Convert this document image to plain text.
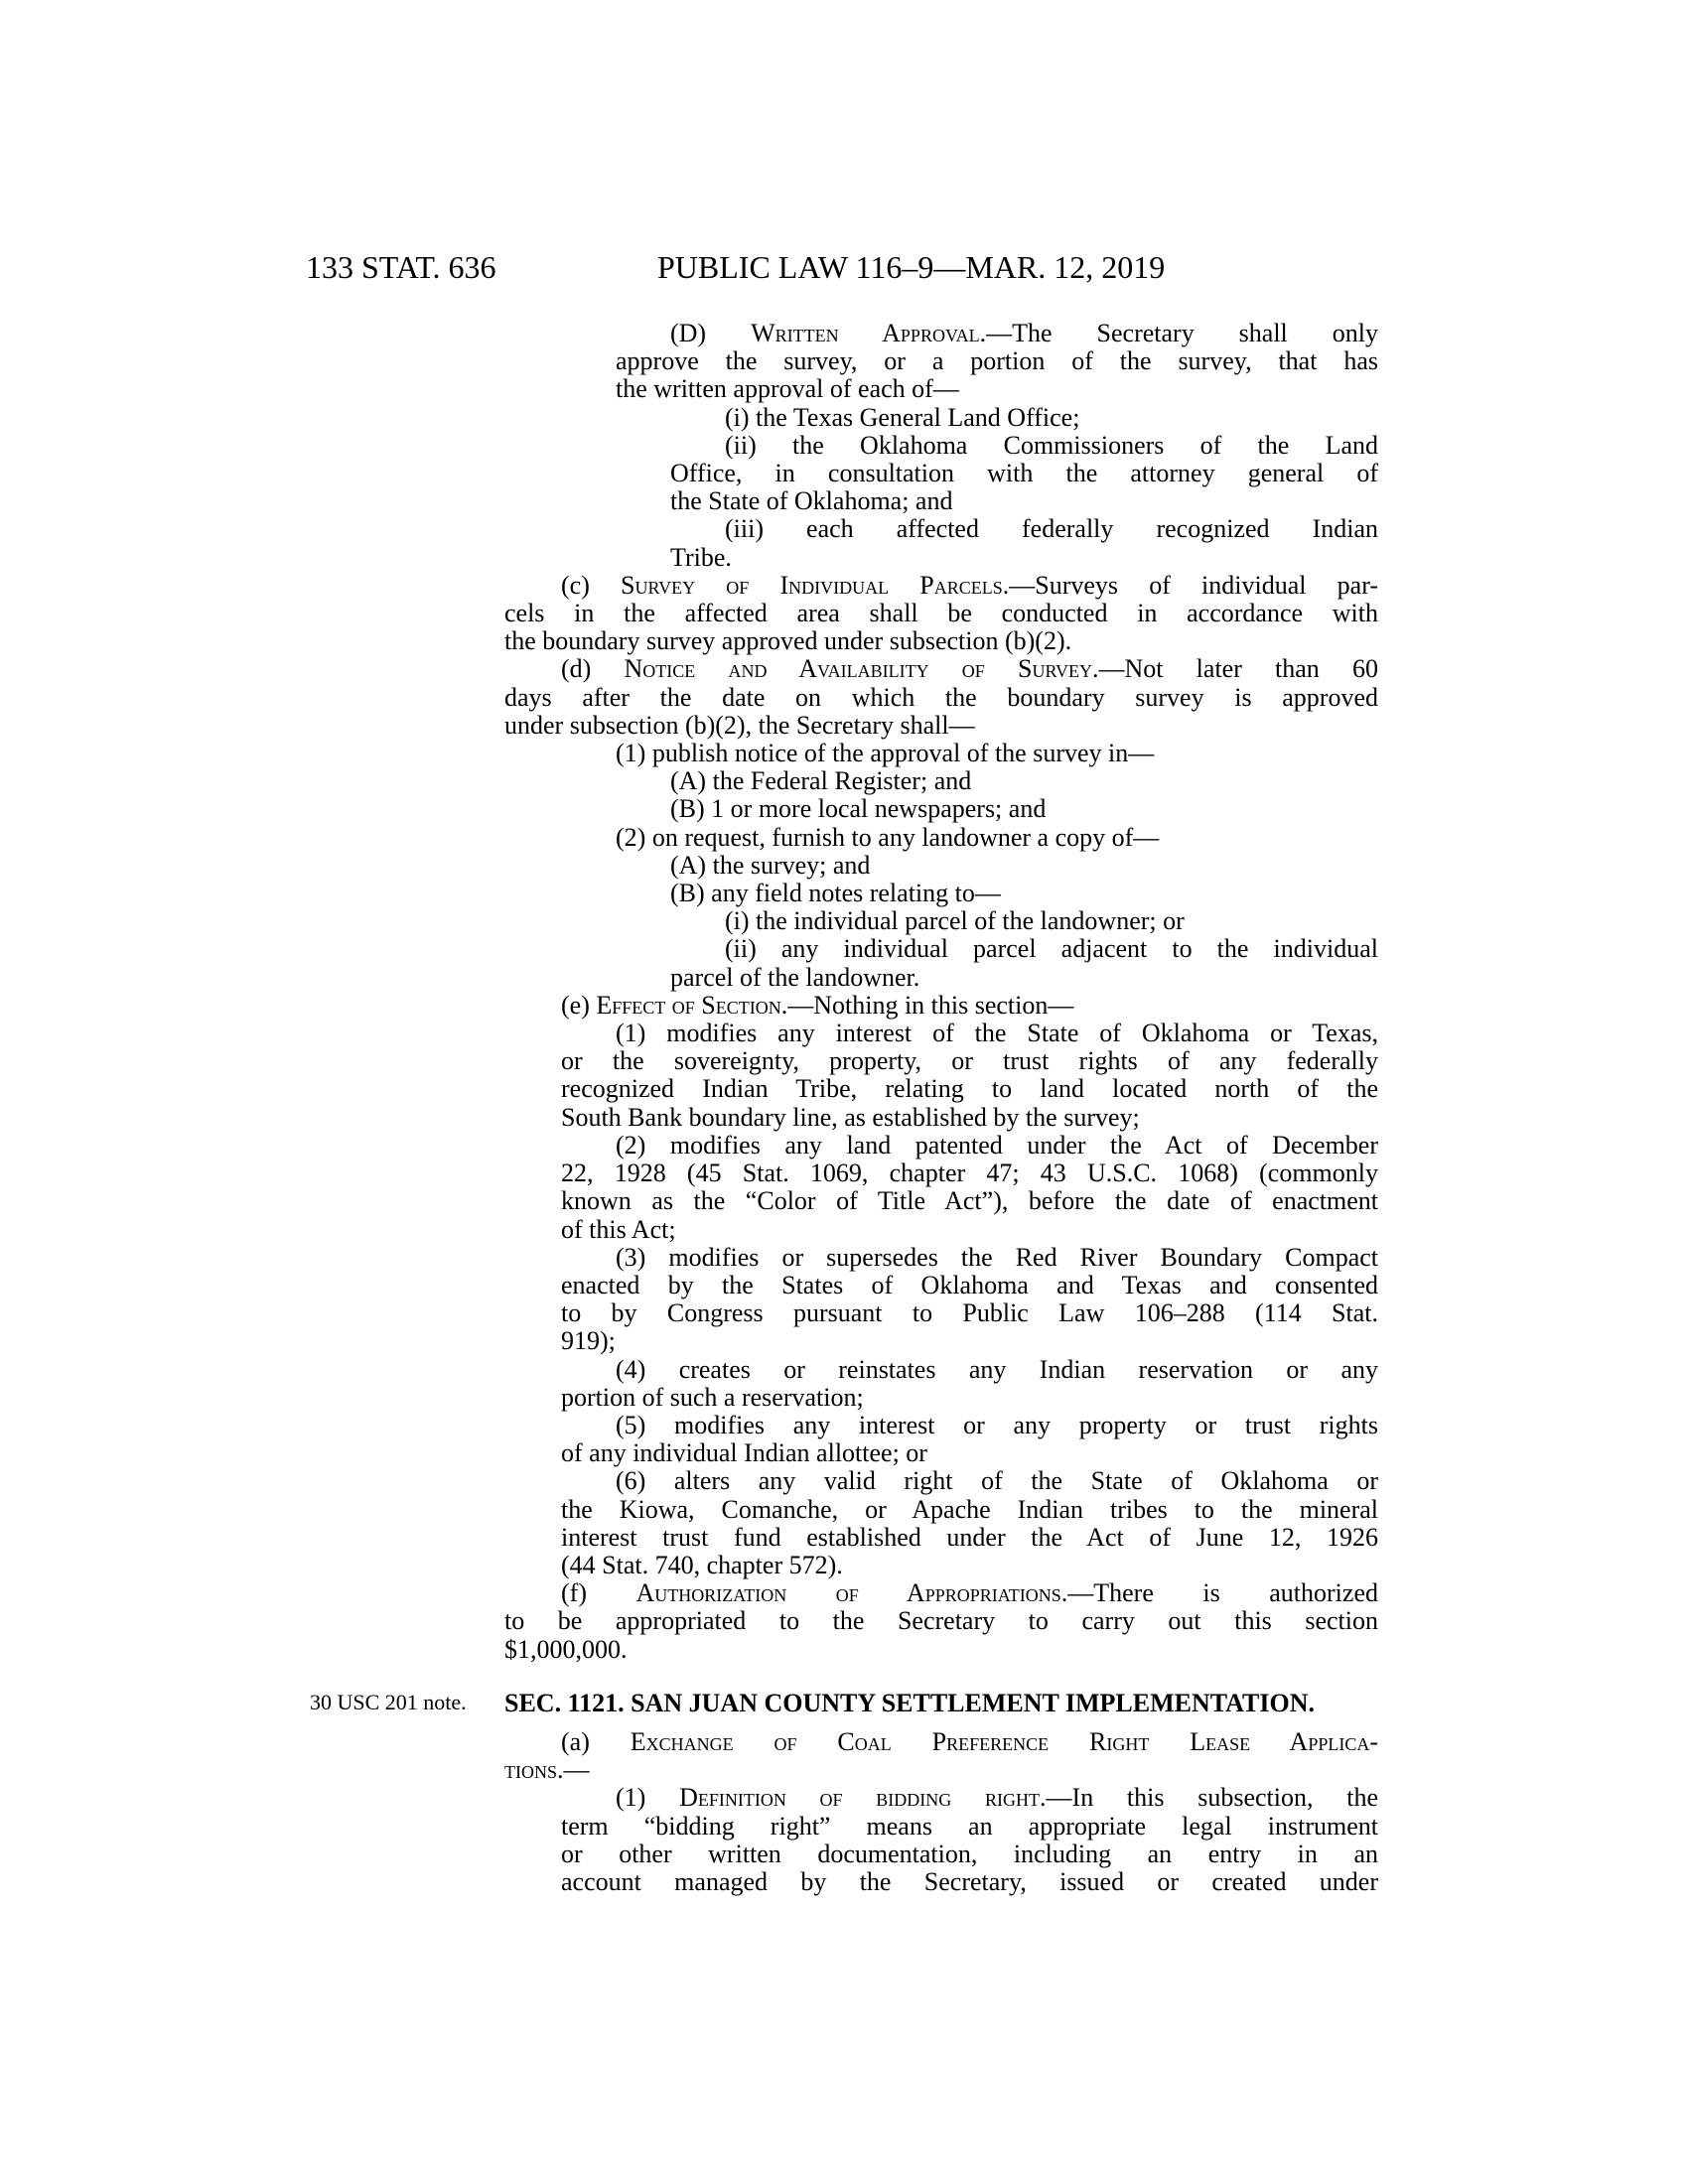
133 STAT. 636	PUBLIC LAW 116–9—MAR. 12, 2019
30 USC 201 note.
(D) Written Approval.—The Secretary shall only
approve the survey, or a portion of the survey, that has
the written approval of each of—
(i) the Texas General Land Office;
(ii) the Oklahoma Commissioners of the Land
Office, in consultation with the attorney general of
the State of Oklahoma; and
(iii) each affected federally recognized Indian
Tribe.
(c) Survey of Individual Parcels.—Surveys of individual par-
cels in the affected area shall be conducted in accordance with
the boundary survey approved under subsection (b)(2).
(d) Notice and Availability of Survey.—Not later than 60
days after the date on which the boundary survey is approved
under subsection (b)(2), the Secretary shall—
(1) publish notice of the approval of the survey in—
(A) the Federal Register; and
(B) 1 or more local newspapers; and
(2) on request, furnish to any landowner a copy of—
(A) the survey; and
(B) any field notes relating to—
(i) the individual parcel of the landowner; or
(ii) any individual parcel adjacent to the individual
parcel of the landowner.
(e) Effect of Section.—Nothing in this section—
(1) modifies any interest of the State of Oklahoma or Texas,
or the sovereignty, property, or trust rights of any federally
recognized Indian Tribe, relating to land located north of the
South Bank boundary line, as established by the survey;
(2) modifies any land patented under the Act of December
22, 1928 (45 Stat. 1069, chapter 47; 43 U.S.C. 1068) (commonly
known as the “Color of Title Act”), before the date of enactment
of this Act;
(3) modifies or supersedes the Red River Boundary Compact
enacted by the States of Oklahoma and Texas and consented
to by Congress pursuant to Public Law 106–288 (114 Stat.
919);
(4) creates or reinstates any Indian reservation or any
portion of such a reservation;
(5) modifies any interest or any property or trust rights
of any individual Indian allottee; or
(6) alters any valid right of the State of Oklahoma or
the Kiowa, Comanche, or Apache Indian tribes to the mineral
interest trust fund established under the Act of June 12, 1926
(44 Stat. 740, chapter 572).
(f) Authorization of Appropriations.—There is authorized
to be appropriated to the Secretary to carry out this section
$1,000,000.
SEC. 1121. SAN JUAN COUNTY SETTLEMENT IMPLEMENTATION.
(a) Exchange of Coal Preference Right Lease Applica-
tions.—
(1) Definition of bidding right.—In this subsection, the
term “bidding right” means an appropriate legal instrument
or other written documentation, including an entry in an
account managed by the Secretary, issued or created under
